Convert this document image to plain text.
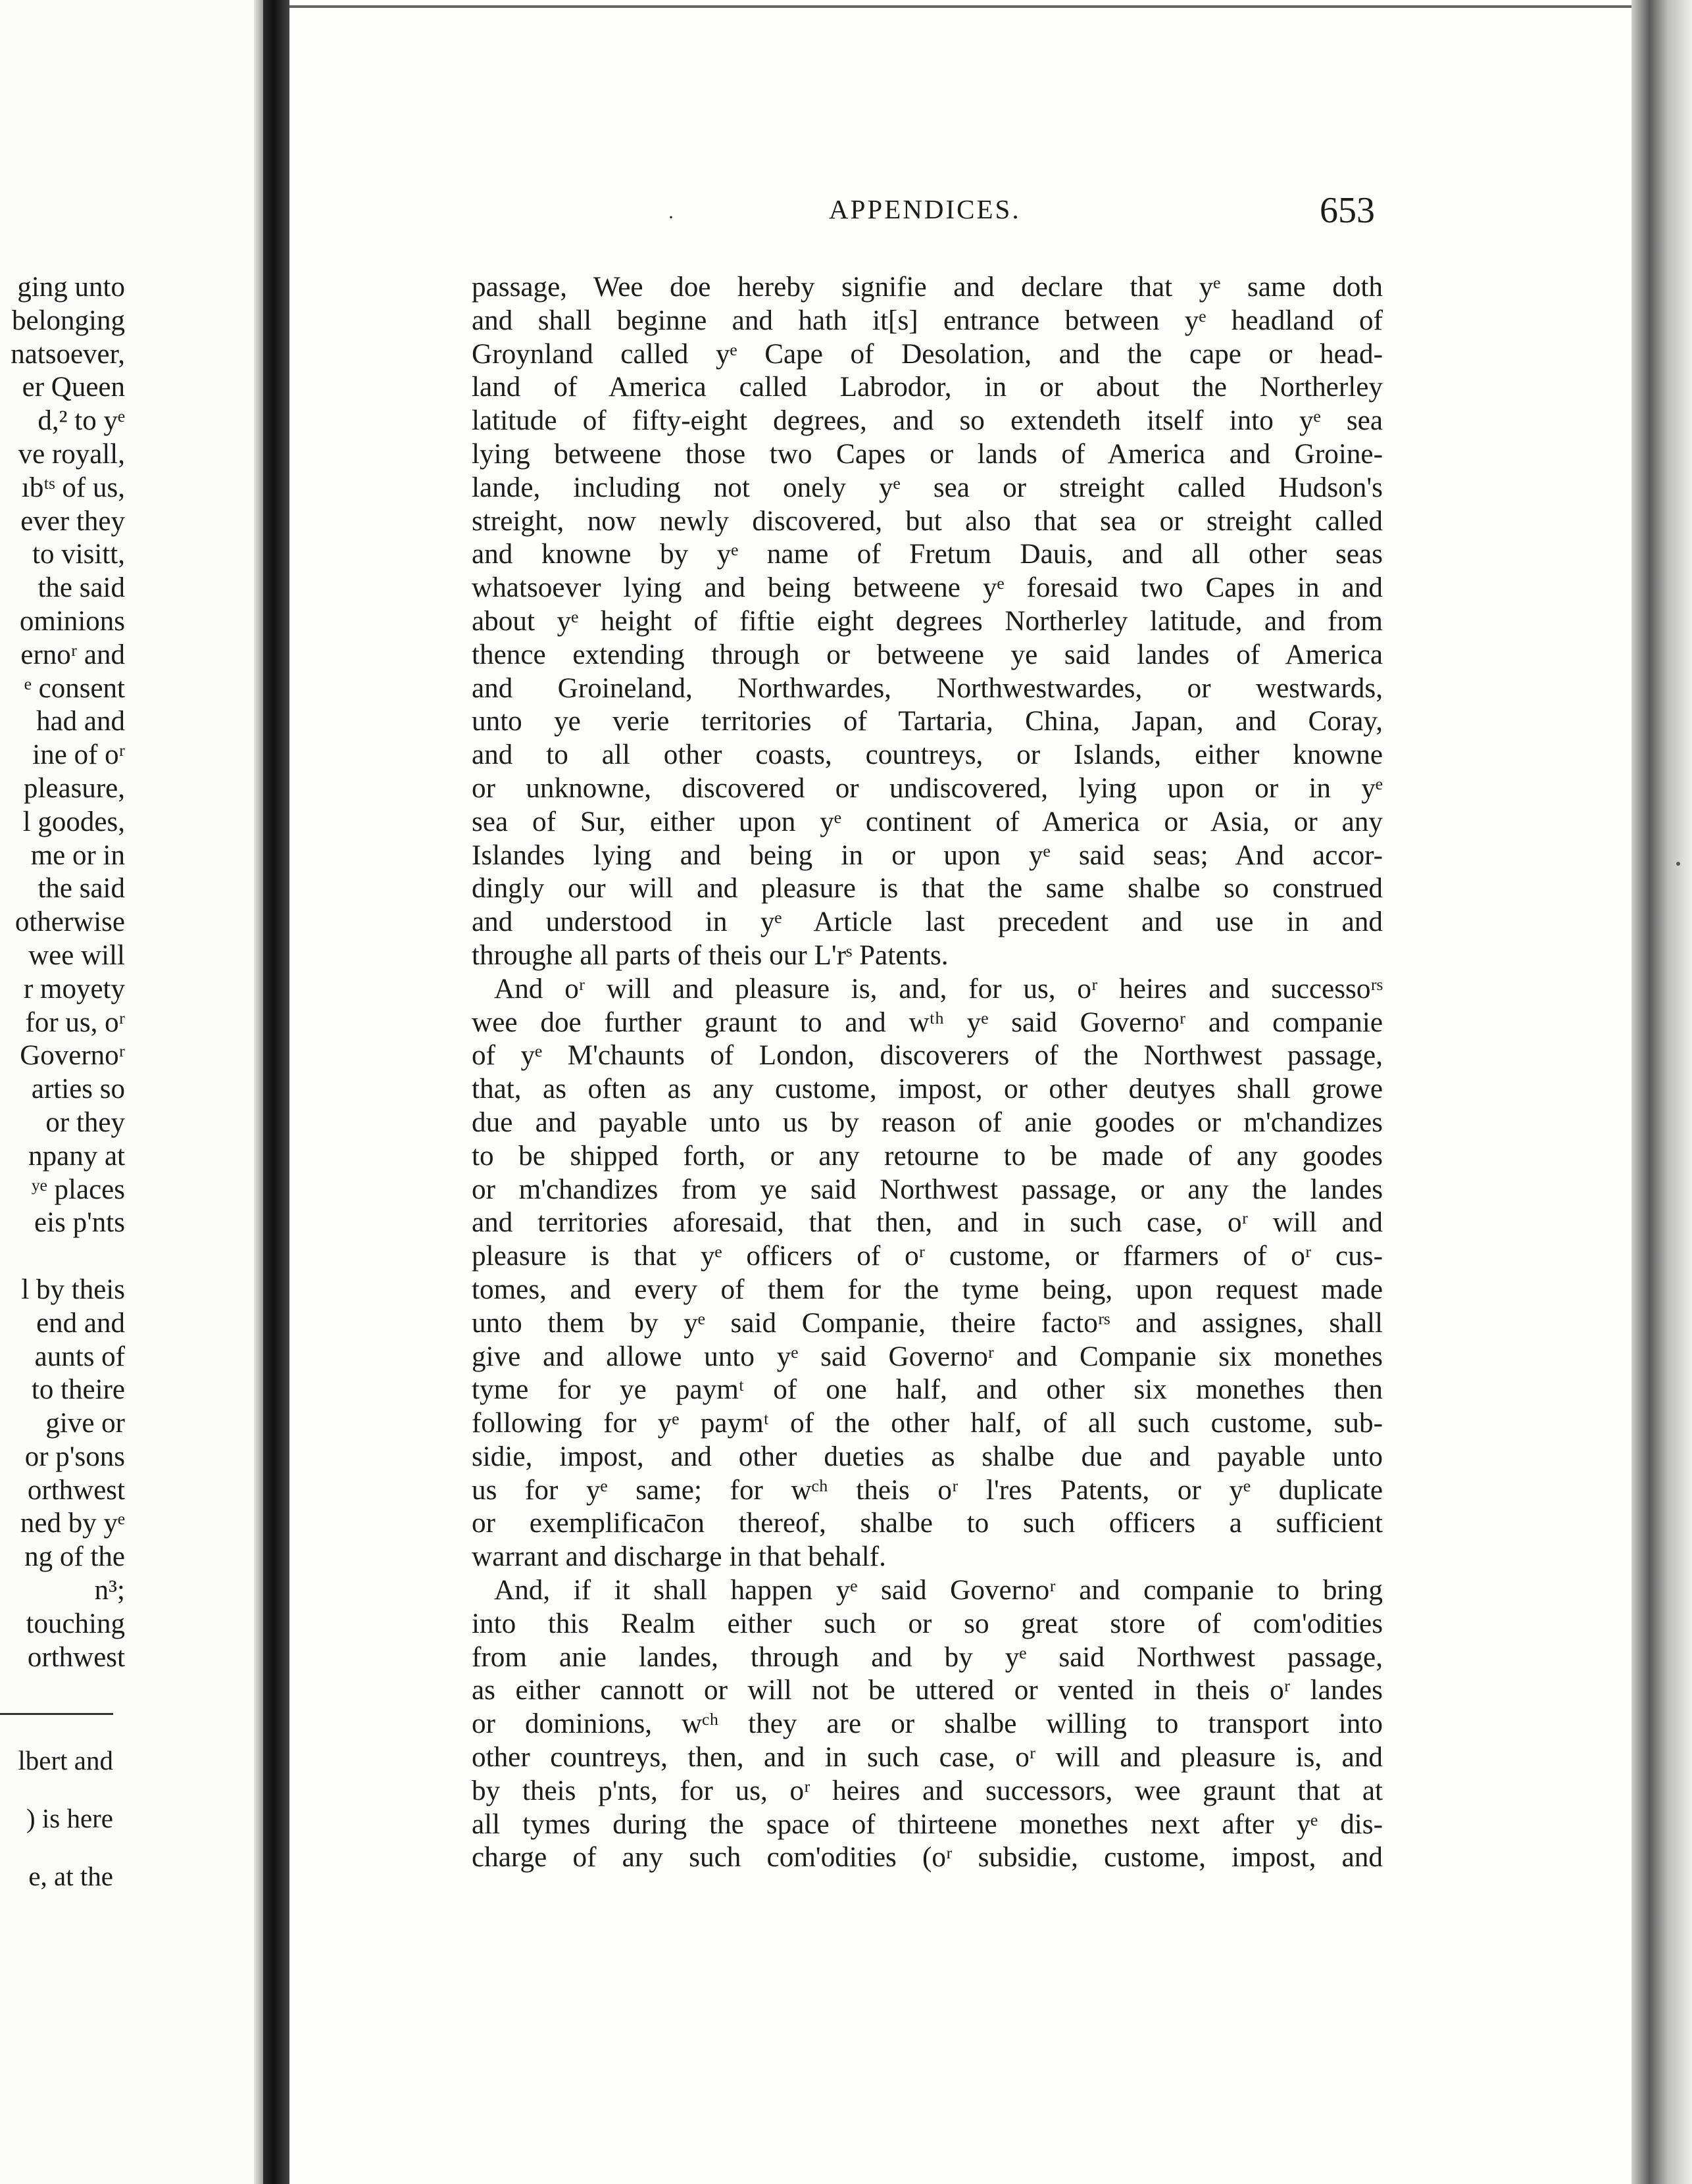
ging unto
belonging
natsoever,
er Queen
d,² to yᵉ
ve royall,
ıbᵗˢ of us,
ever they
to visitt,
the said
ominions
ernoʳ and
ᵉ consent
had and
ine of oʳ
pleasure,
l goodes,
me or in
the said
otherwise
wee will
r moyety
for us, oʳ
Governoʳ
arties so
or they
npany at
ʸᵉ places
eis p'nts

l by theis
end and
aunts of
to theire
give or
or p'sons
orthwest
ned by yᵉ
ng of the
n³;
touching
orthwest
lbert and
) is here
e, at the
·	APPENDICES.	653
passage, Wee doe hereby signifie and declare that yᵉ same doth
and shall beginne and hath it[s] entrance between yᵉ headland of
Groynland called yᵉ Cape of Desolation, and the cape or head-
land of America called Labrodor, in or about the Northerley
latitude of fifty-eight degrees, and so extendeth itself into yᵉ sea
lying betweene those two Capes or lands of America and Groine-
lande, including not onely yᵉ sea or streight called Hudson's
streight, now newly discovered, but also that sea or streight called
and knowne by yᵉ name of Fretum Dauis, and all other seas
whatsoever lying and being betweene yᵉ foresaid two Capes in and
about yᵉ height of fiftie eight degrees Northerley latitude, and from
thence extending through or betweene ye said landes of America
and Groineland, Northwardes, Northwestwardes, or westwards,
unto ye verie territories of Tartaria, China, Japan, and Coray,
and to all other coasts, countreys, or Islands, either knowne
or unknowne, discovered or undiscovered, lying upon or in yᵉ
sea of Sur, either upon yᵉ continent of America or Asia, or any
Islandes lying and being in or upon yᵉ said seas; And accor-
dingly our will and pleasure is that the same shalbe so construed
and understood in yᵉ Article last precedent and use in and
throughe all parts of theis our L'rˢ Patents.
And oʳ will and pleasure is, and, for us, oʳ heires and successoʳˢ
wee doe further graunt to and wᵗʰ yᵉ said Governoʳ and companie
of yᵉ M'chaunts of London, discoverers of the Northwest passage,
that, as often as any custome, impost, or other deutyes shall growe
due and payable unto us by reason of anie goodes or m'chandizes
to be shipped forth, or any retourne to be made of any goodes
or m'chandizes from ye said Northwest passage, or any the landes
and territories aforesaid, that then, and in such case, oʳ will and
pleasure is that yᵉ officers of oʳ custome, or ffarmers of oʳ cus-
tomes, and every of them for the tyme being, upon request made
unto them by yᵉ said Companie, theire factoʳˢ and assignes, shall
give and allowe unto yᵉ said Governoʳ and Companie six monethes
tyme for ye paymᵗ of one half, and other six monethes then
following for yᵉ paymᵗ of the other half, of all such custome, sub-
sidie, impost, and other dueties as shalbe due and payable unto
us for yᵉ same; for wᶜʰ theis oʳ l'res Patents, or yᵉ duplicate
or exemplificac̄on thereof, shalbe to such officers a sufficient
warrant and discharge in that behalf.
And, if it shall happen yᵉ said Governoʳ and companie to bring
into this Realm either such or so great store of com'odities
from anie landes, through and by yᵉ said Northwest passage,
as either cannott or will not be uttered or vented in theis oʳ landes
or dominions, wᶜʰ they are or shalbe willing to transport into
other countreys, then, and in such case, oʳ will and pleasure is, and
by theis p'nts, for us, oʳ heires and successors, wee graunt that at
all tymes during the space of thirteene monethes next after yᵉ dis-
charge of any such com'odities (oʳ subsidie, custome, impost, and
